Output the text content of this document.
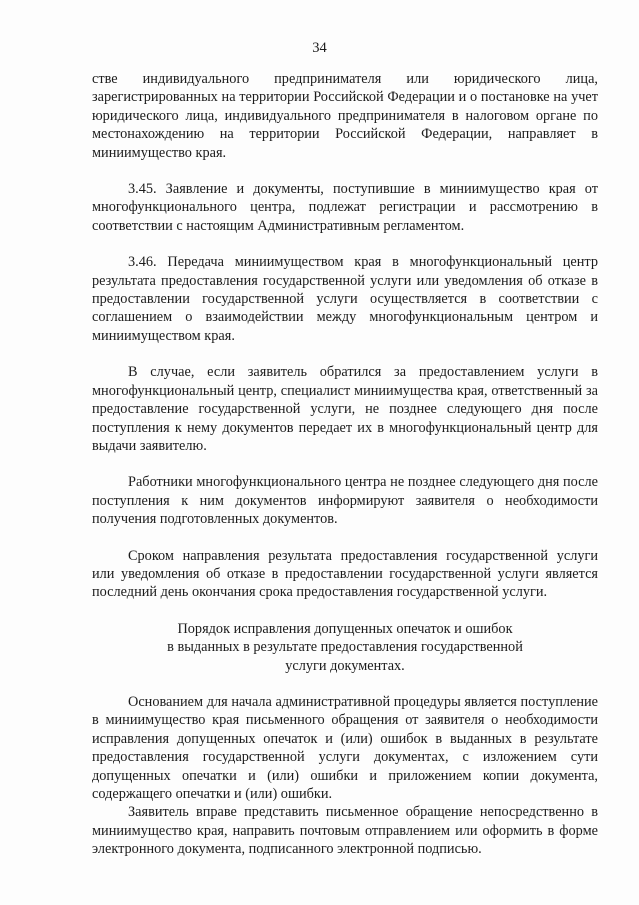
34

стве индивидуального предпринимателя или юридического лица, зарегистрированных на территории Российской Федерации и о постановке на учет юридического лица, индивидуального предпринимателя в налоговом органе по местонахождению на территории Российской Федерации, направляет в миниимущество края.

3.45. Заявление и документы, поступившие в миниимущество края от многофункционального центра, подлежат регистрации и рассмотрению в соответствии с настоящим Административным регламентом.

3.46. Передача миниимуществом края в многофункциональный центр результата предоставления государственной услуги или уведомления об отказе в предоставлении государственной услуги осуществляется в соответствии с соглашением о взаимодействии между многофункциональным центром и миниимуществом края.

В случае, если заявитель обратился за предоставлением услуги в многофункциональный центр, специалист миниимущества края, ответственный за предоставление государственной услуги, не позднее следующего дня после поступления к нему документов передает их в многофункциональный центр для выдачи заявителю.

Работники многофункционального центра не позднее следующего дня после поступления к ним документов информируют заявителя о необходимости получения подготовленных документов.

Сроком направления результата предоставления государственной услуги или уведомления об отказе в предоставлении государственной услуги является последний день окончания срока предоставления государственной услуги.

Порядок исправления допущенных опечаток и ошибок
в выданных в результате предоставления государственной
услуги документах.

Основанием для начала административной процедуры является поступление в миниимущество края письменного обращения от заявителя о необходимости исправления допущенных опечаток и (или) ошибок в выданных в результате предоставления государственной услуги документах, с изложением сути допущенных опечатки и (или) ошибки и приложением копии документа, содержащего опечатки и (или) ошибки.

Заявитель вправе представить письменное обращение непосредственно в миниимущество края, направить почтовым отправлением или оформить в форме электронного документа, подписанного электронной подписью.
